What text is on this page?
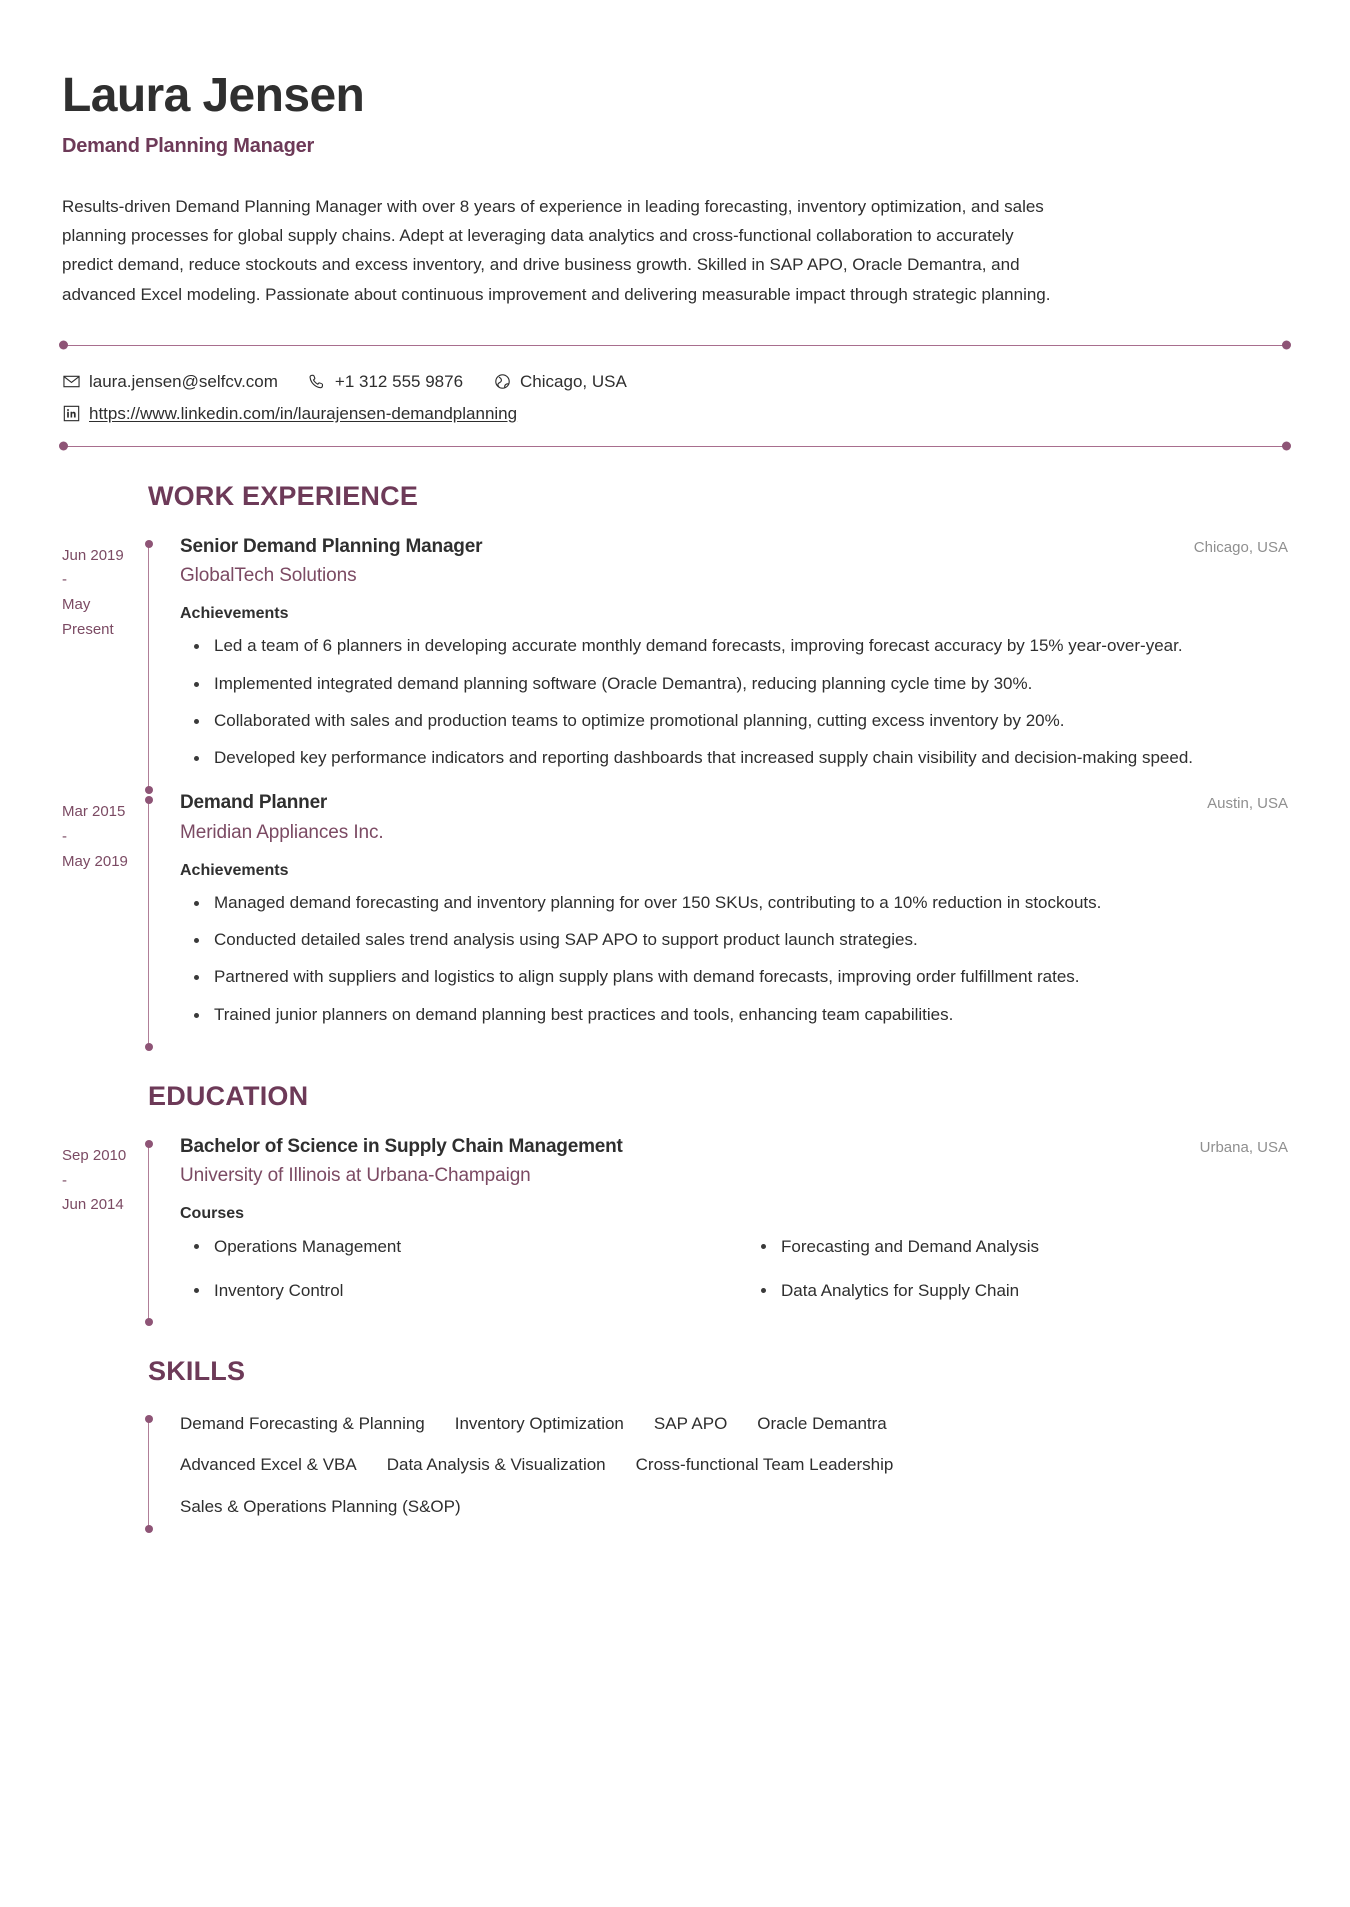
Laura Jensen
Demand Planning Manager

Results-driven Demand Planning Manager with over 8 years of experience in leading forecasting, inventory optimization, and sales planning processes for global supply chains. Adept at leveraging data analytics and cross-functional collaboration to accurately predict demand, reduce stockouts and excess inventory, and drive business growth. Skilled in SAP APO, Oracle Demantra, and advanced Excel modeling. Passionate about continuous improvement and delivering measurable impact through strategic planning.

laura.jensen@selfcv.com	+1 312 555 9876	Chicago, USA
https://www.linkedin.com/in/laurajensen-demandplanning
WORK EXPERIENCE
Jun 2019
-
May
Present
Senior Demand Planning Manager	Chicago, USA
GlobalTech Solutions
Achievements
Led a team of 6 planners in developing accurate monthly demand forecasts, improving forecast accuracy by 15% year-over-year.
Implemented integrated demand planning software (Oracle Demantra), reducing planning cycle time by 30%.
Collaborated with sales and production teams to optimize promotional planning, cutting excess inventory by 20%.
Developed key performance indicators and reporting dashboards that increased supply chain visibility and decision-making speed.
Mar 2015
-
May 2019
Demand Planner	Austin, USA
Meridian Appliances Inc.
Achievements
Managed demand forecasting and inventory planning for over 150 SKUs, contributing to a 10% reduction in stockouts.
Conducted detailed sales trend analysis using SAP APO to support product launch strategies.
Partnered with suppliers and logistics to align supply plans with demand forecasts, improving order fulfillment rates.
Trained junior planners on demand planning best practices and tools, enhancing team capabilities.
EDUCATION
Sep 2010
-
Jun 2014
Bachelor of Science in Supply Chain Management	Urbana, USA
University of Illinois at Urbana-Champaign
Courses
Operations Management	Forecasting and Demand Analysis
Inventory Control	Data Analytics for Supply Chain
SKILLS
Demand Forecasting & Planning Inventory Optimization SAP APO Oracle Demantra
Advanced Excel & VBA Data Analysis & Visualization Cross-functional Team Leadership
Sales & Operations Planning (S&OP)
